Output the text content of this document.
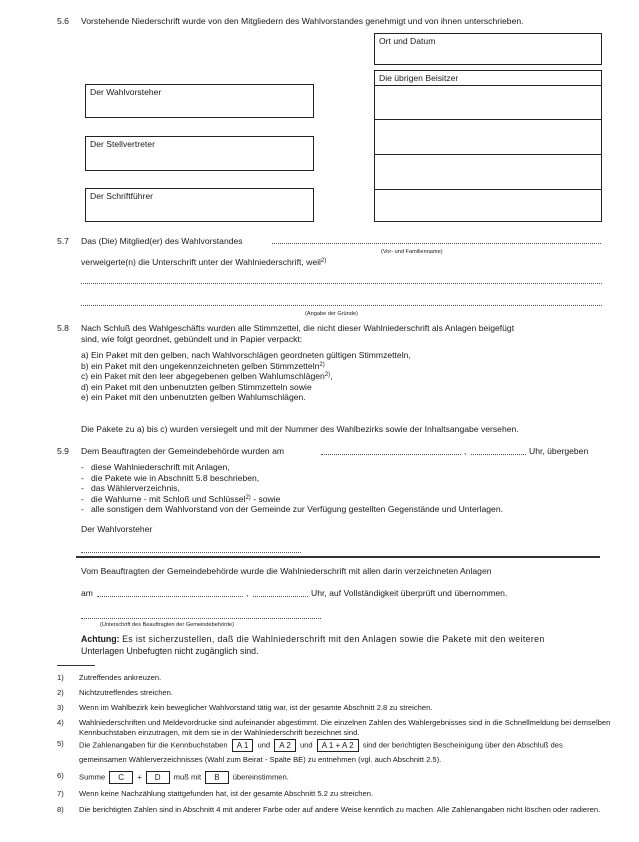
5.6 Vorstehende Niederschrift wurde von den Mitgliedern des Wahlvorstandes genehmigt und von ihnen unterschrieben.
Ort und Datum
Die übrigen Beisitzer
Der Wahlvorsteher
Der Stellvertreter
Der Schriftführer
5.7 Das (Die) Mitglied(er) des Wahlvorstandes
(Vor- und Familienname)
verweigerte(n) die Unterschrift unter der Wahlniederschrift, weil$^{2)}$
(Angabe der Gründe)
5.8 Nach Schluß des Wahlgeschäfts wurden alle Stimmzettel, die nicht dieser Wahlniederschrift als Anlagen beigefügt
sind, wie folgt geordnet, gebündelt und in Papier verpackt:
a) Ein Paket mit den gelben, nach Wahlvorschlägen geordneten gültigen Stimmzetteln,
b) ein Paket mit den ungekennzeichneten gelben Stimmzetteln$^{2)}$
c) ein Paket mit den leer abgegebenen gelben Wahlumschlägen$^{2)}$,
d) ein Paket mit den unbenutzten gelben Stimmzetteln sowie
e) ein Paket mit den unbenutzten gelben Wahlumschlägen.
Die Pakete zu a) bis c) wurden versiegelt und mit der Nummer des Wahlbezirks sowie der Inhaltsangabe versehen.
5.9 Dem Beauftragten der Gemeindebehörde wurden am	,	Uhr, übergeben
-   diese Wahlniederschrift mit Anlagen,
-   die Pakete wie in Abschnitt 5.8 beschrieben,
-   das Wählerverzeichnis,
-   die Wahlurne - mit Schloß und Schlüssel$^{2)}$ - sowie
-   alle sonstigen dem Wahlvorstand von der Gemeinde zur Verfügung gestellten Gegenstände und Unterlagen.
Der Wahlvorsteher
Vom Beauftragten der Gemeindebehörde wurde die Wahlniederschrift mit allen darin verzeichneten Anlagen
am	,	Uhr, auf Vollständigkeit überprüft und übernommen.
(Unterschrift des Beauftragten der Gemeindebehörde)
Achtung: Es ist sicherzustellen, daß die Wahlniederschrift mit den Anlagen sowie die Pakete mit den weiteren
Unterlagen Unbefugten nicht zugänglich sind.
1) Zutreffendes ankreuzen.
2) Nichtzutreffendes streichen.
3) Wenn im Wahlbezirk kein beweglicher Wahlvorstand tätig war, ist der gesamte Abschnitt 2.8 zu streichen.
4) Wahlniederschriften und Meldevordrucke sind aufeinander abgestimmt. Die einzelnen Zahlen des Wahlergebnisses sind in die Schnellmeldung bei demselben Kennbuchstaben einzutragen, mit dem sie in der Wahlniederschrift bezeichnet sind.
5) Die Zahlenangaben für die Kennbuchstaben A 1 und A 2 und A 1 + A 2 sind der berichtigten Bescheinigung über den Abschluß des
gemeinsamen Wählerverzeichnisses (Wahl zum Beirat - Spalte BE) zu entnehmen (vgl. auch Abschnitt 2.5).
6) Summe C + D muß mit B übereinstimmen.
7) Wenn keine Nachzählung stattgefunden hat, ist der gesamte Abschnitt 5.2 zu streichen.
8) Die berichtigten Zahlen sind in Abschnitt 4 mit anderer Farbe oder auf andere Weise kenntlich zu machen. Alle Zahlenangaben nicht löschen oder radieren.
